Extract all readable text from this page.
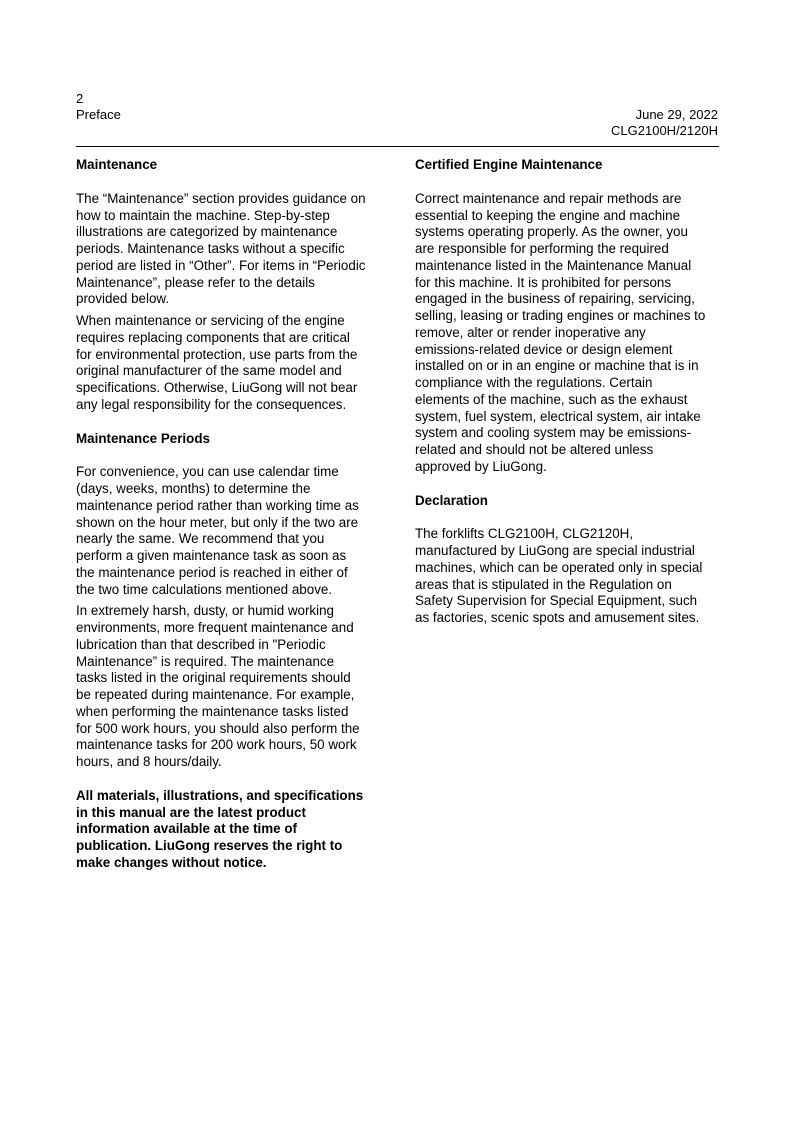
2
Preface	June 29, 2022
CLG2100H/2120H
Maintenance

The “Maintenance” section provides guidance on
how to maintain the machine. Step-by-step
illustrations are categorized by maintenance
periods. Maintenance tasks without a specific
period are listed in “Other”. For items in “Periodic
Maintenance”, please refer to the details
provided below.

When maintenance or servicing of the engine
requires replacing components that are critical
for environmental protection, use parts from the
original manufacturer of the same model and
specifications. Otherwise, LiuGong will not bear
any legal responsibility for the consequences.

Maintenance Periods

For convenience, you can use calendar time
(days, weeks, months) to determine the
maintenance period rather than working time as
shown on the hour meter, but only if the two are
nearly the same. We recommend that you
perform a given maintenance task as soon as
the maintenance period is reached in either of
the two time calculations mentioned above.

In extremely harsh, dusty, or humid working
environments, more frequent maintenance and
lubrication than that described in "Periodic
Maintenance” is required. The maintenance
tasks listed in the original requirements should
be repeated during maintenance. For example,
when performing the maintenance tasks listed
for 500 work hours, you should also perform the
maintenance tasks for 200 work hours, 50 work
hours, and 8 hours/daily.

All materials, illustrations, and specifications
in this manual are the latest product
information available at the time of
publication. LiuGong reserves the right to
make changes without notice.

Certified Engine Maintenance

Correct maintenance and repair methods are
essential to keeping the engine and machine
systems operating properly. As the owner, you
are responsible for performing the required
maintenance listed in the Maintenance Manual
for this machine. It is prohibited for persons
engaged in the business of repairing, servicing,
selling, leasing or trading engines or machines to
remove, alter or render inoperative any
emissions-related device or design element
installed on or in an engine or machine that is in
compliance with the regulations. Certain
elements of the machine, such as the exhaust
system, fuel system, electrical system, air intake
system and cooling system may be emissions-
related and should not be altered unless
approved by LiuGong.

Declaration

The forklifts CLG2100H, CLG2120H,
manufactured by LiuGong are special industrial
machines, which can be operated only in special
areas that is stipulated in the Regulation on
Safety Supervision for Special Equipment, such
as factories, scenic spots and amusement sites.
